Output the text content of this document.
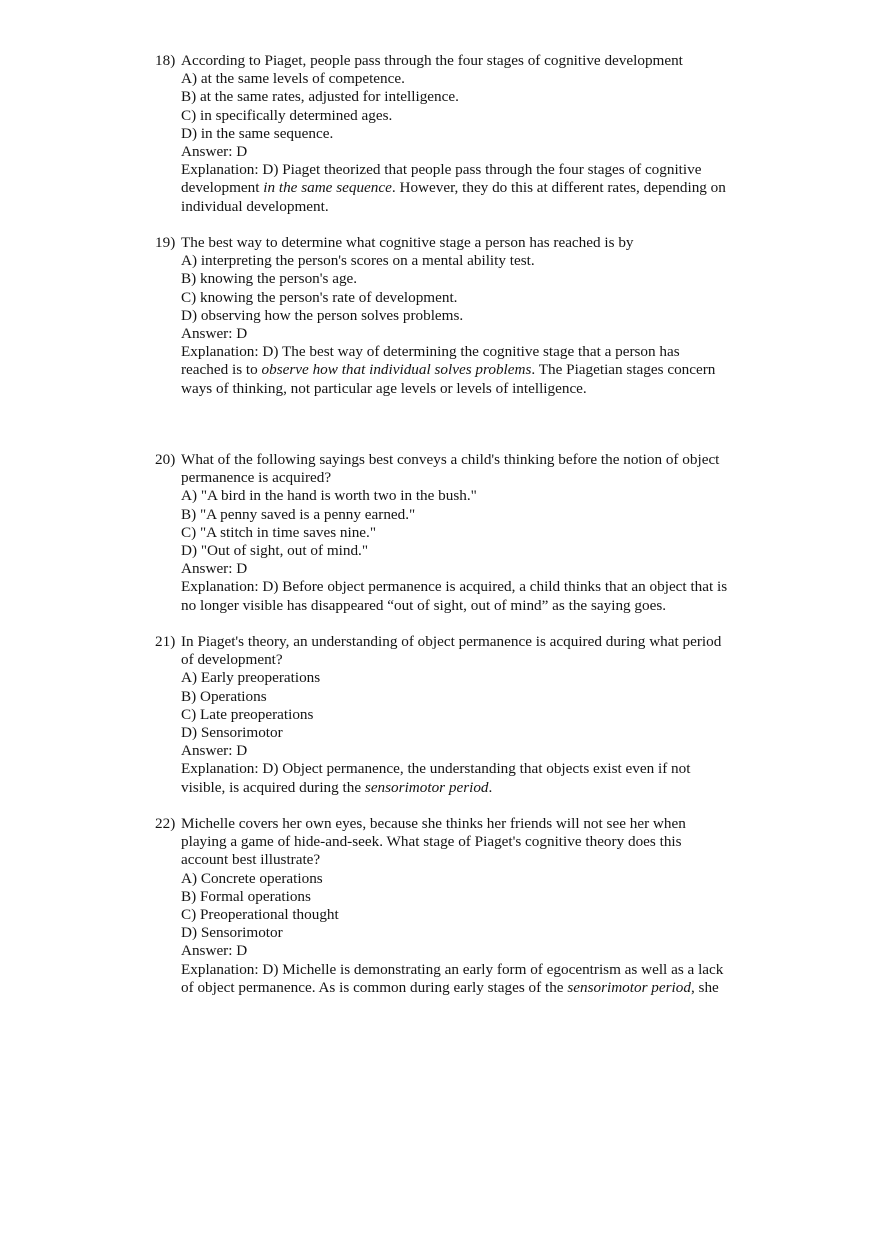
18) According to Piaget, people pass through the four stages of cognitive development
A) at the same levels of competence.
B) at the same rates, adjusted for intelligence.
C) in specifically determined ages.
D) in the same sequence.
Answer: D
Explanation: D) Piaget theorized that people pass through the four stages of cognitive
development in the same sequence. However, they do this at different rates, depending on
individual development.
19) The best way to determine what cognitive stage a person has reached is by
A) interpreting the person's scores on a mental ability test.
B) knowing the person's age.
C) knowing the person's rate of development.
D) observing how the person solves problems.
Answer: D
Explanation: D) The best way of determining the cognitive stage that a person has
reached is to observe how that individual solves problems. The Piagetian stages concern
ways of thinking, not particular age levels or levels of intelligence.
20) What of the following sayings best conveys a child's thinking before the notion of object
permanence is acquired?
A) "A bird in the hand is worth two in the bush."
B) "A penny saved is a penny earned."
C) "A stitch in time saves nine."
D) "Out of sight, out of mind."
Answer: D
Explanation: D) Before object permanence is acquired, a child thinks that an object that is
no longer visible has disappeared “out of sight, out of mind” as the saying goes.
21) In Piaget's theory, an understanding of object permanence is acquired during what period
of development?
A) Early preoperations
B) Operations
C) Late preoperations
D) Sensorimotor
Answer: D
Explanation: D) Object permanence, the understanding that objects exist even if not
visible, is acquired during the sensorimotor period.
22) Michelle covers her own eyes, because she thinks her friends will not see her when
playing a game of hide-and-seek. What stage of Piaget's cognitive theory does this
account best illustrate?
A) Concrete operations
B) Formal operations
C) Preoperational thought
D) Sensorimotor
Answer: D
Explanation: D) Michelle is demonstrating an early form of egocentrism as well as a lack
of object permanence. As is common during early stages of the sensorimotor period, she
